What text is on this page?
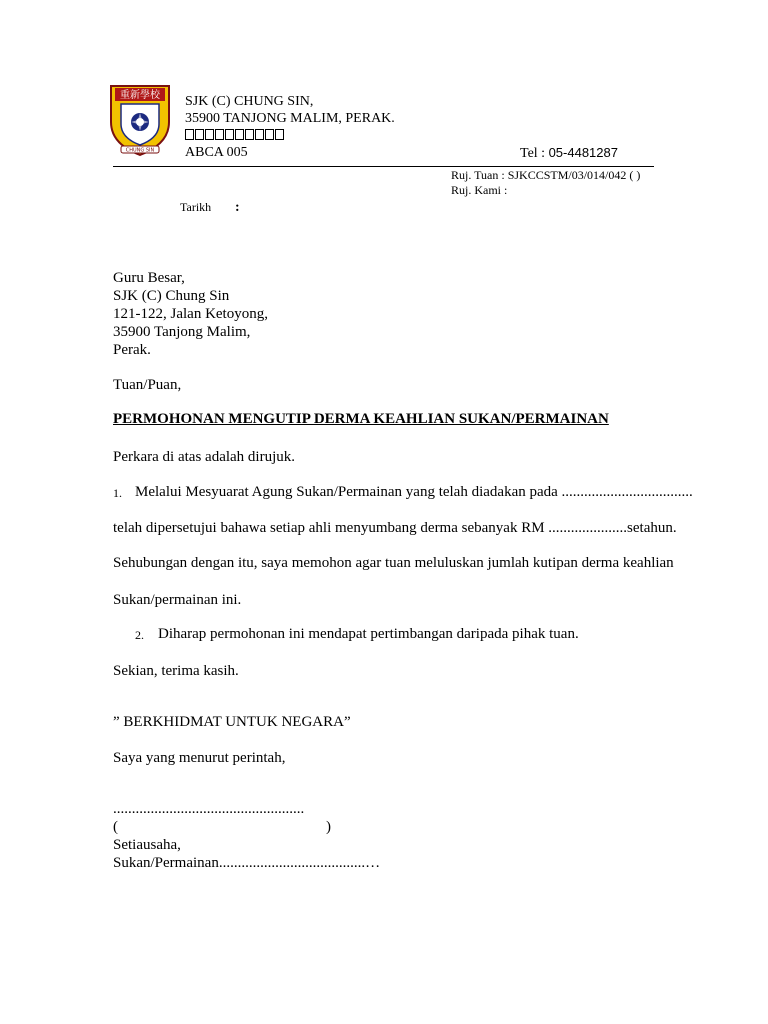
重新學校
CHUNG SIN
SJK (C) CHUNG SIN,
35900 TANJONG MALIM, PERAK.
ABCA 005	Tel : 05-4481287
Ruj. Tuan : SJKCCSTM/03/014/042 ( )
Ruj. Kami :
Tarikh :
Guru Besar,
SJK (C) Chung Sin
121-122, Jalan Ketoyong,
35900 Tanjong Malim,
Perak.
Tuan/Puan,
PERMOHONAN MENGUTIP DERMA KEAHLIAN SUKAN/PERMAINAN
Perkara di atas adalah dirujuk.
1. Melalui Mesyuarat Agung Sukan/Permainan yang telah diadakan pada ...................................
telah dipersetujui bahawa setiap ahli menyumbang derma sebanyak RM .....................setahun.
Sehubungan dengan itu, saya memohon agar tuan meluluskan jumlah kutipan derma keahlian
Sukan/permainan ini.
2. Diharap permohonan ini mendapat pertimbangan daripada pihak tuan.
Sekian, terima kasih.
” BERKHIDMAT UNTUK NEGARA”
Saya yang menurut perintah,
...................................................
(	)
Setiausaha,
Sukan/Permainan.......................................…
